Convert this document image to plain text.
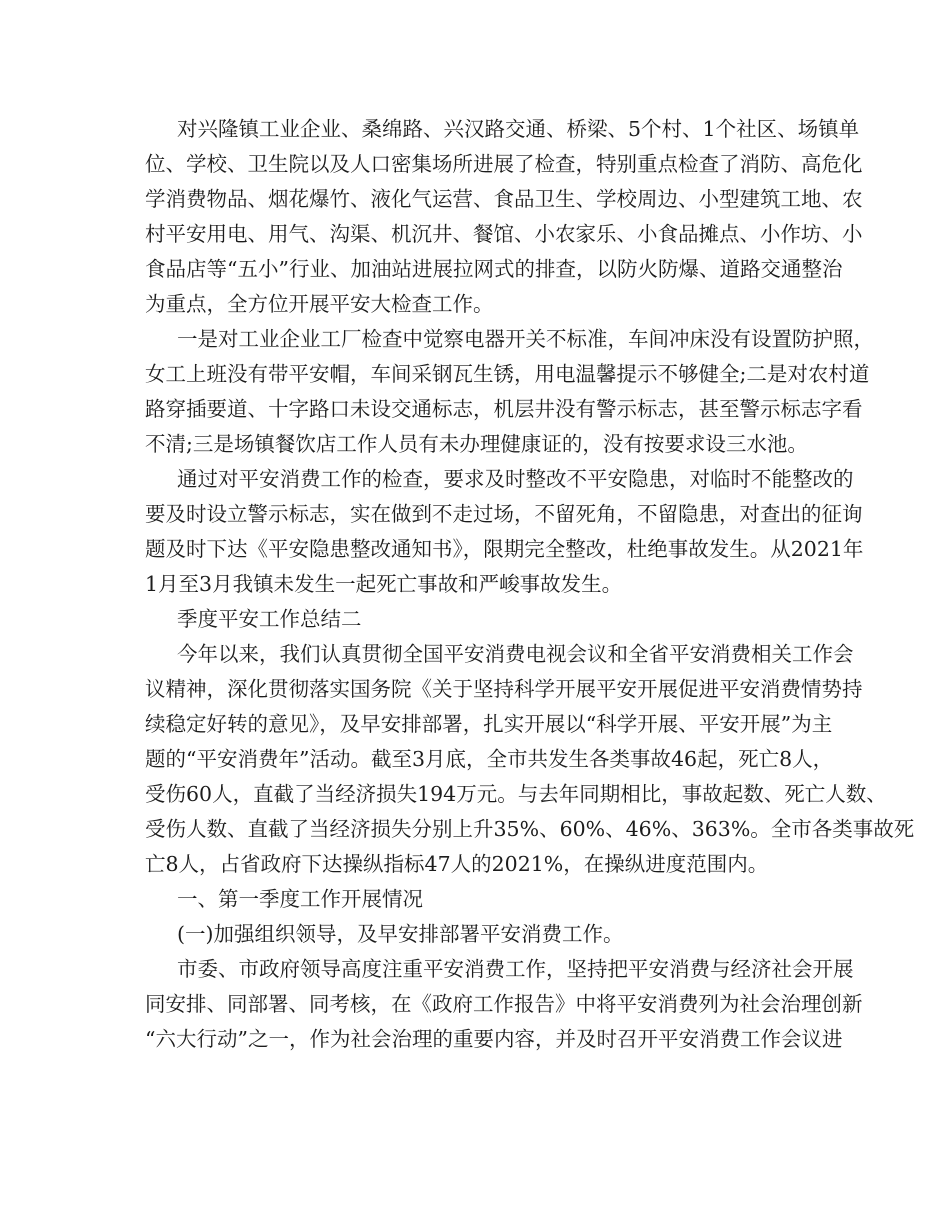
对兴隆镇工业企业、桑绵路、兴汉路交通、桥梁、5个村、1个社区、场镇单
位、学校、卫生院以及人口密集场所进展了检查，特别重点检查了消防、高危化
学消费物品、烟花爆竹、液化气运营、食品卫生、学校周边、小型建筑工地、农
村平安用电、用气、沟渠、机沉井、餐馆、小农家乐、小食品摊点、小作坊、小
食品店等“五小”行业、加油站进展拉网式的排查，以防火防爆、道路交通整治
为重点，全方位开展平安大检查工作。

一是对工业企业工厂检查中觉察电器开关不标准，车间冲床没有设置防护照，
女工上班没有带平安帽，车间采钢瓦生锈，用电温馨提示不够健全;二是对农村道
路穿插要道、十字路口未设交通标志，机层井没有警示标志，甚至警示标志字看
不清;三是场镇餐饮店工作人员有未办理健康证的，没有按要求设三水池。

通过对平安消费工作的检查，要求及时整改不平安隐患，对临时不能整改的
要及时设立警示标志，实在做到不走过场，不留死角，不留隐患，对查出的征询
题及时下达《平安隐患整改通知书》，限期完全整改，杜绝事故发生。从2021年
1月至3月我镇未发生一起死亡事故和严峻事故发生。

季度平安工作总结二

今年以来，我们认真贯彻全国平安消费电视会议和全省平安消费相关工作会
议精神，深化贯彻落实国务院《关于坚持科学开展平安开展促进平安消费情势持
续稳定好转的意见》，及早安排部署，扎实开展以“科学开展、平安开展”为主
题的“平安消费年”活动。截至3月底，全市共发生各类事故46起，死亡8人，
受伤60人，直截了当经济损失194万元。与去年同期相比，事故起数、死亡人数、
受伤人数、直截了当经济损失分别上升35%、60%、46%、363%。全市各类事故死
亡8人，占省政府下达操纵指标47人的2021%，在操纵进度范围内。

一、第一季度工作开展情况

(一)加强组织领导，及早安排部署平安消费工作。

市委、市政府领导高度注重平安消费工作，坚持把平安消费与经济社会开展
同安排、同部署、同考核，在《政府工作报告》中将平安消费列为社会治理创新
“六大行动”之一，作为社会治理的重要内容，并及时召开平安消费工作会议进
